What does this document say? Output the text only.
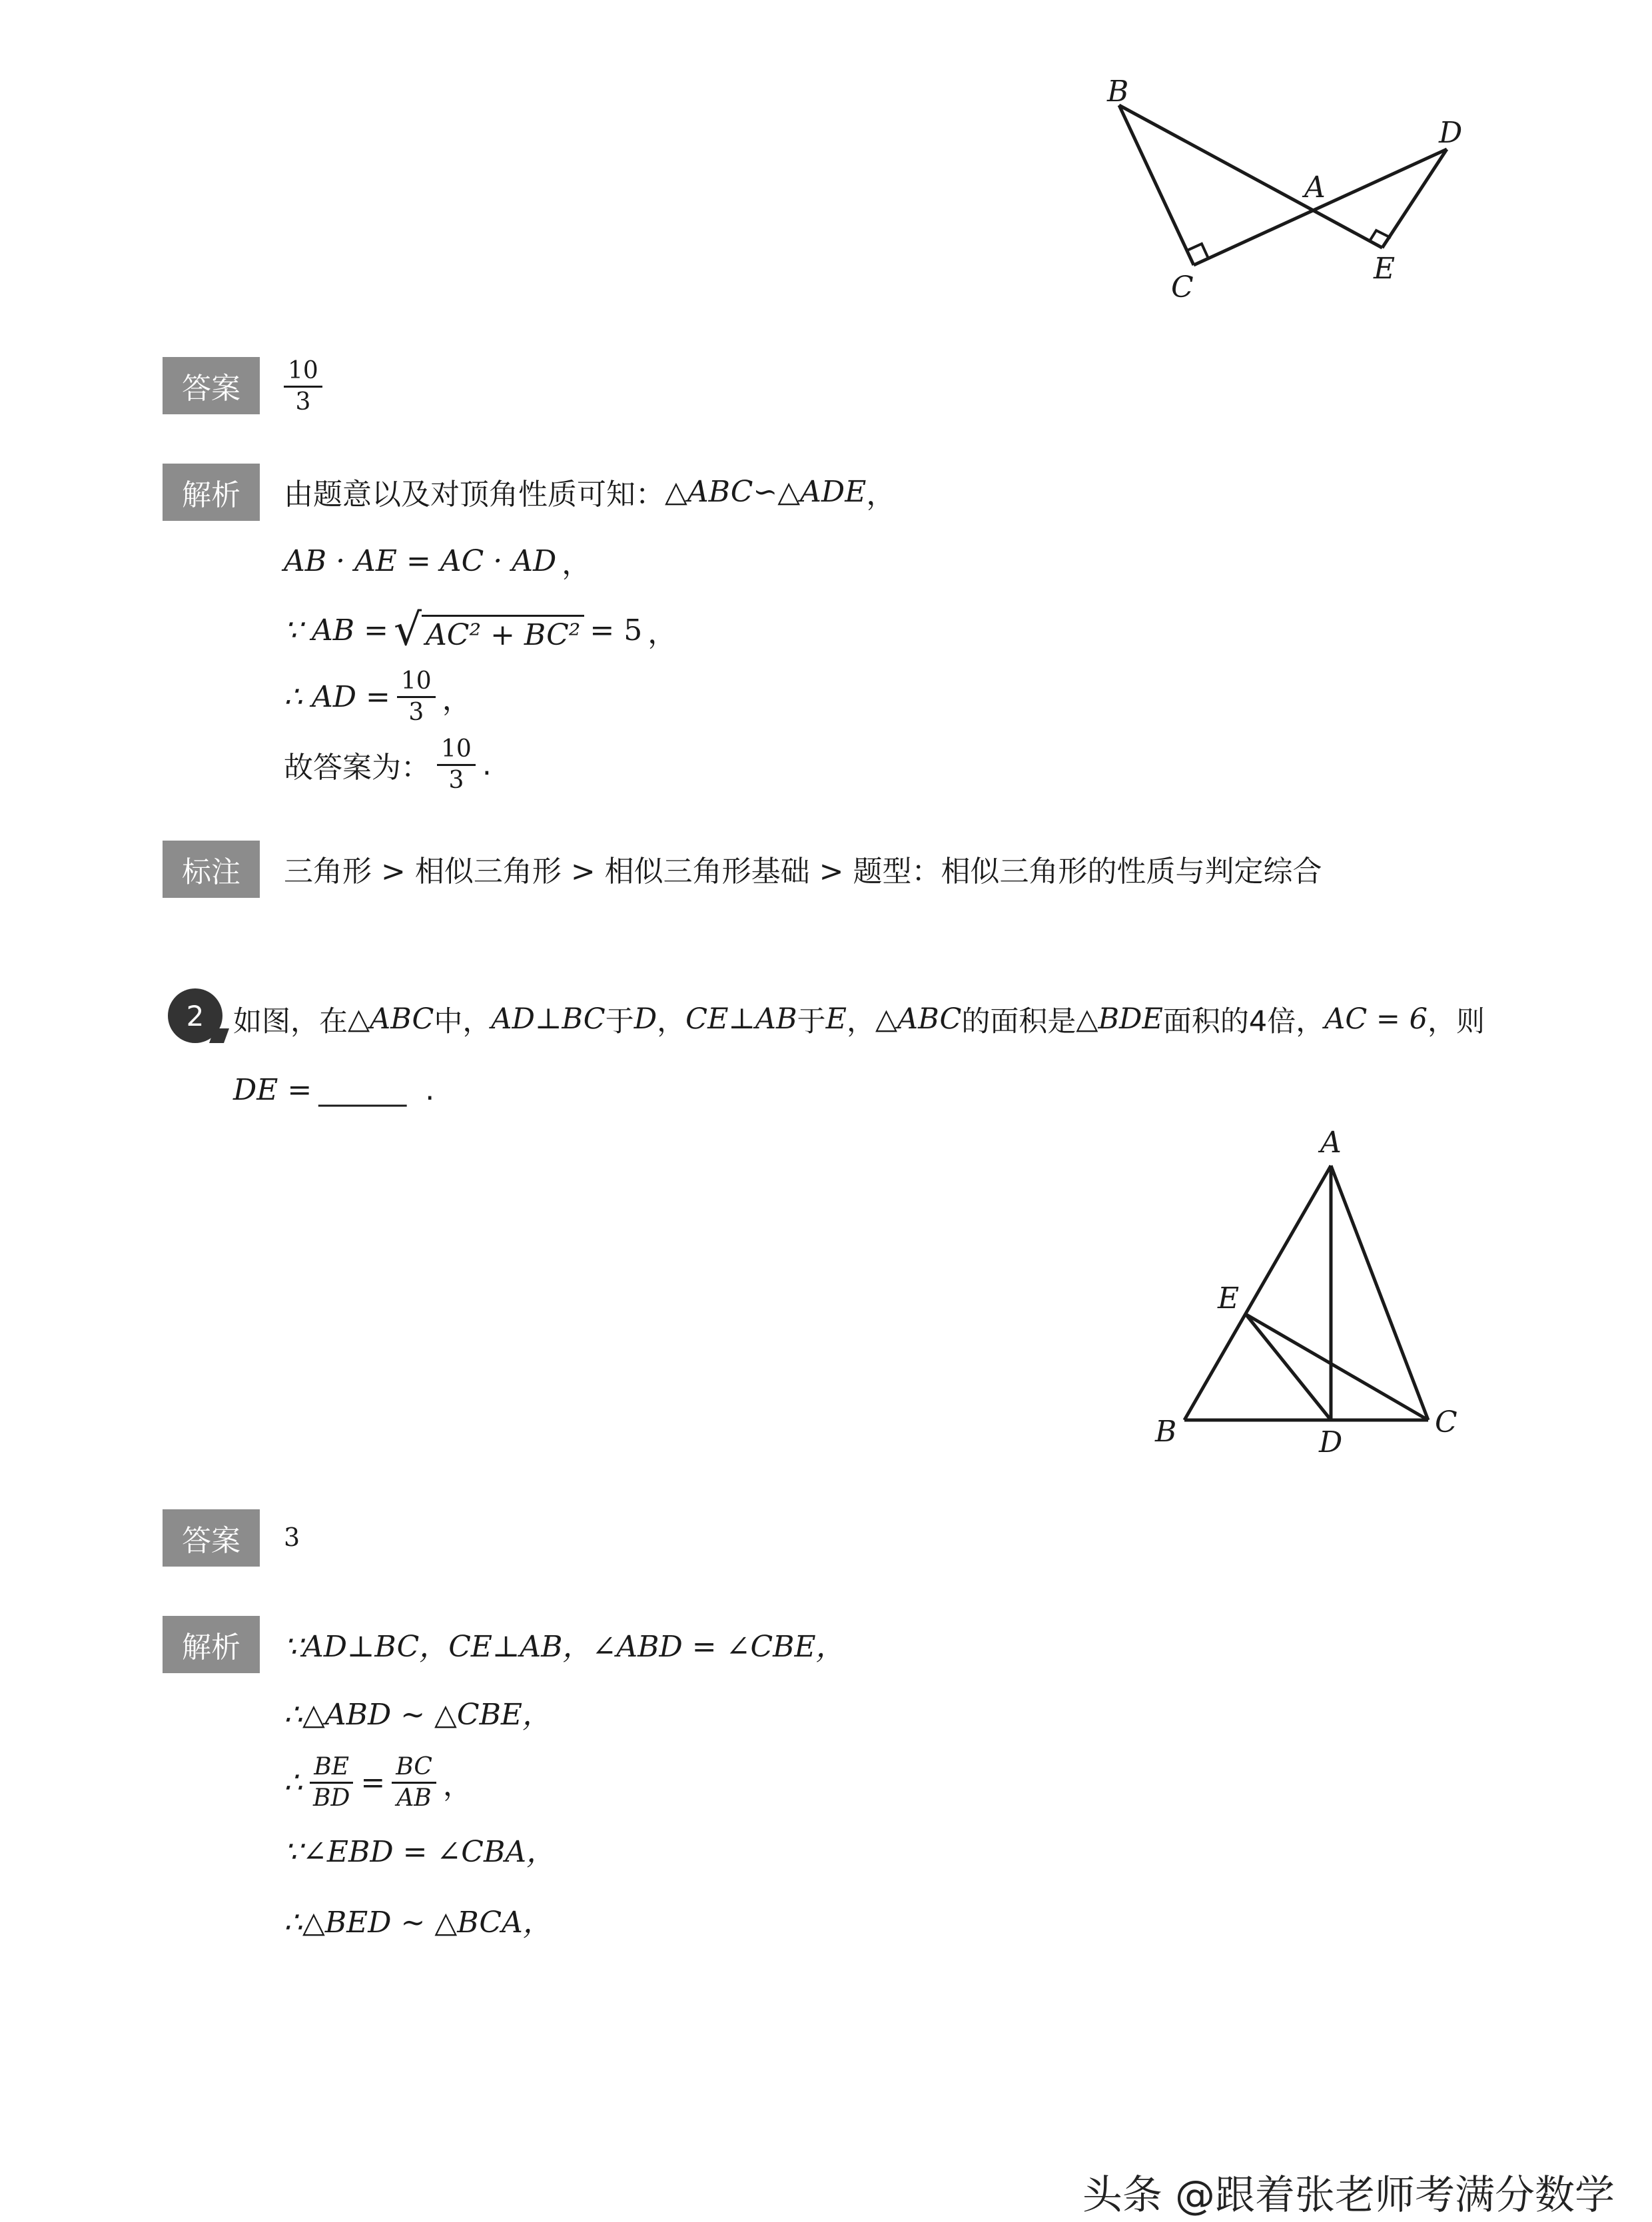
B
A
D
C
E
答案	$\frac{10}{3}$
解析	由题意以及对顶角性质可知： △ABC∽△ADE ，
AB · AE = AC · AD ，
∵ AB = √ AC² + BC² = 5 ，
∴ AD = $\frac{10}{3}$ ，
故答案为： $\frac{10}{3}$ .
标注	三角形 > 相似三角形 > 相似三角形基础 > 题型：相似三角形的性质与判定综合
2 如图，在 △ABC 中， AD⊥BC 于 D ， CE⊥AB 于 E ， △ABC 的面积是 △BDE 面积的4倍， AC = 6 ，则
DE = ______ .
A
E
B	D
C
答案	3
解析	∵AD⊥BC，CE⊥AB，∠ABD = ∠CBE，
∴△ABD ∼ △CBE，
∴ $\frac{BE}{BD} = \frac{BC}{AB}$ ，
∵∠EBD = ∠CBA，
∴△BED ∼ △BCA，
头条 @跟着张老师考满分数学
